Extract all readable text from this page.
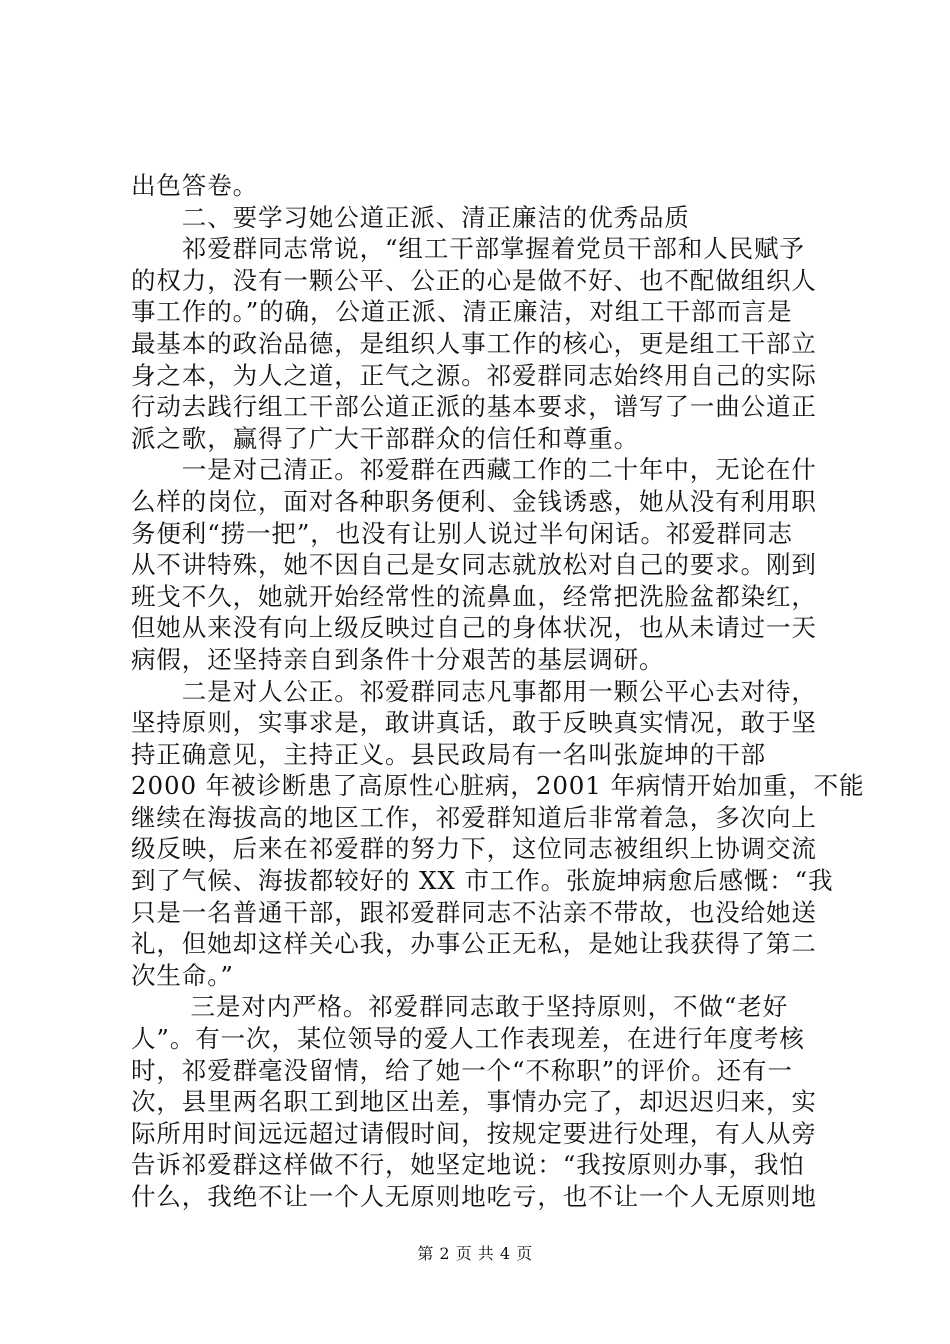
出色答卷。
　　二、要学习她公道正派、清正廉洁的优秀品质
　　祁爱群同志常说，“组工干部掌握着党员干部和人民赋予
的权力，没有一颗公平、公正的心是做不好、也不配做组织人
事工作的。”的确，公道正派、清正廉洁，对组工干部而言是
最基本的政治品德，是组织人事工作的核心，更是组工干部立
身之本，为人之道，正气之源。祁爱群同志始终用自己的实际
行动去践行组工干部公道正派的基本要求，谱写了一曲公道正
派之歌，赢得了广大干部群众的信任和尊重。
　　一是对己清正。祁爱群在西藏工作的二十年中，无论在什
么样的岗位，面对各种职务便利、金钱诱惑，她从没有利用职
务便利“捞一把”，也没有让别人说过半句闲话。祁爱群同志
从不讲特殊，她不因自己是女同志就放松对自己的要求。刚到
班戈不久，她就开始经常性的流鼻血，经常把洗脸盆都染红，
但她从来没有向上级反映过自己的身体状况，也从未请过一天
病假，还坚持亲自到条件十分艰苦的基层调研。
　　二是对人公正。祁爱群同志凡事都用一颗公平心去对待，
坚持原则，实事求是，敢讲真话，敢于反映真实情况，敢于坚
持正确意见，主持正义。县民政局有一名叫张旋坤的干部
2000 年被诊断患了高原性心脏病，2001 年病情开始加重，不能
继续在海拔高的地区工作，祁爱群知道后非常着急，多次向上
级反映，后来在祁爱群的努力下，这位同志被组织上协调交流
到了气候、海拔都较好的 XX 市工作。张旋坤病愈后感慨：“我
只是一名普通干部，跟祁爱群同志不沾亲不带故，也没给她送
礼，但她却这样关心我，办事公正无私，是她让我获得了第二
次生命。”
　　 三是对内严格。祁爱群同志敢于坚持原则，不做“老好
人”。有一次，某位领导的爱人工作表现差，在进行年度考核
时，祁爱群毫没留情，给了她一个“不称职”的评价。还有一
次，县里两名职工到地区出差，事情办完了，却迟迟归来，实
际所用时间远远超过请假时间，按规定要进行处理，有人从旁
告诉祁爱群这样做不行，她坚定地说：“我按原则办事，我怕
什么，我绝不让一个人无原则地吃亏，也不让一个人无原则地
第 2 页 共 4 页
